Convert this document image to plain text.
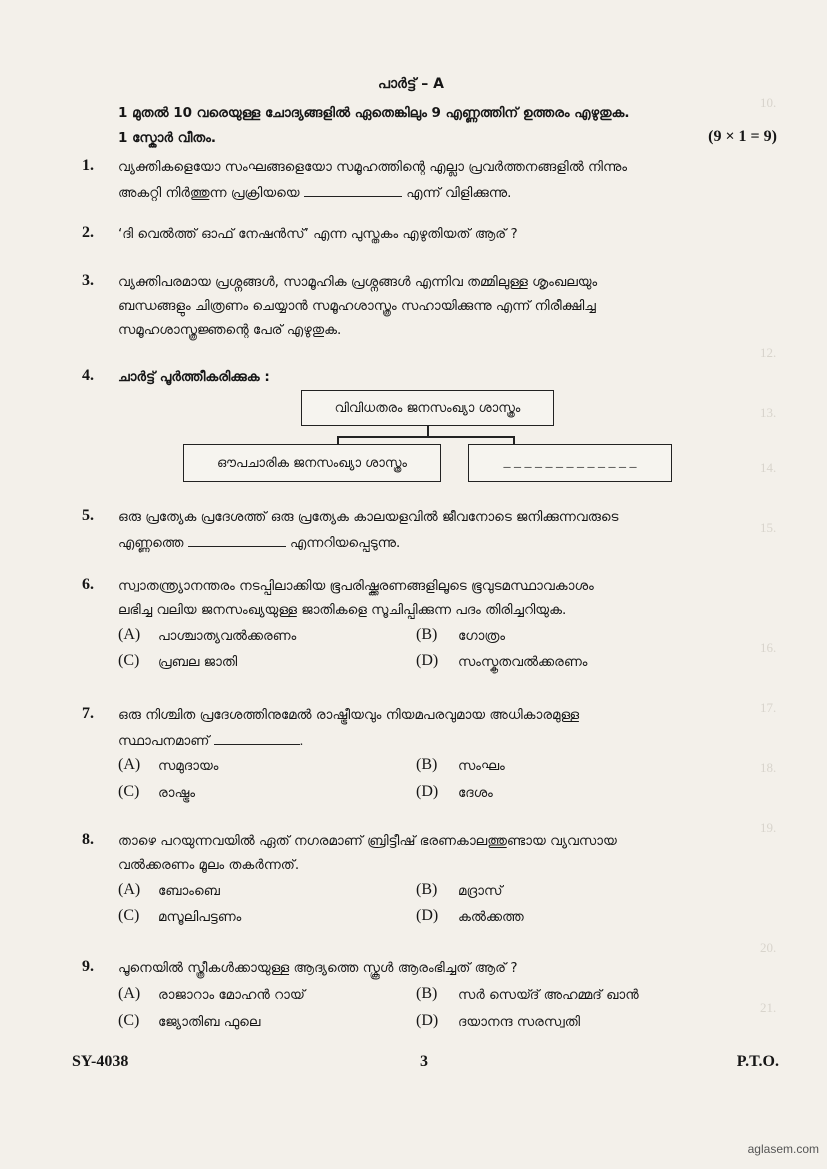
10.
12.
13.
14.
15.
16.
17.
18.
19.
20.
21.
പാർട്ട് – A
1 മുതൽ 10 വരെയുള്ള ചോദ്യങ്ങളിൽ ഏതെങ്കിലും 9 എണ്ണത്തിന് ഉത്തരം എഴുതുക.
1 സ്കോർ വീതം.	(9 × 1 = 9)
1. വ്യക്തികളെയോ സംഘങ്ങളെയോ സമൂഹത്തിന്റെ എല്ലാ പ്രവർത്തനങ്ങളിൽ നിന്നും
അകറ്റി നിർത്തുന്ന പ്രക്രിയയെ	എന്ന് വിളിക്കുന്നു.
2. ‘ദി വെൽത്ത് ഓഫ് നേഷൻസ്’ എന്ന പുസ്തകം എഴുതിയത് ആര് ?
3. വ്യക്തിപരമായ പ്രശ്നങ്ങൾ, സാമൂഹിക പ്രശ്നങ്ങൾ എന്നിവ തമ്മിലുള്ള ശൃംഖലയും
ബന്ധങ്ങളും ചിത്രണം ചെയ്യാൻ സമൂഹശാസ്ത്രം സഹായിക്കുന്നു എന്ന് നിരീക്ഷിച്ച
സമൂഹശാസ്ത്രജ്ഞന്റെ പേര് എഴുതുക.
4. ചാർട്ട് പൂർത്തീകരിക്കുക :
വിവിധതരം ജനസംഖ്യാ ശാസ്ത്രം
ഔപചാരിക ജനസംഖ്യാ ശാസ്ത്രം	_ _ _ _ _ _ _ _ _ _ _ _ _
5. ഒരു പ്രത്യേക പ്രദേശത്ത് ഒരു പ്രത്യേക കാലയളവിൽ ജീവനോടെ ജനിക്കുന്നവരുടെ
എണ്ണത്തെ	എന്നറിയപ്പെടുന്നു.
6. സ്വാതന്ത്ര്യാനന്തരം നടപ്പിലാക്കിയ ഭൂപരിഷ്ക്കരണങ്ങളിലൂടെ ഭൂവുടമസ്ഥാവകാശം
ലഭിച്ച വലിയ ജനസംഖ്യയുള്ള ജാതികളെ സൂചിപ്പിക്കുന്ന പദം തിരിച്ചറിയുക.
(A) പാശ്ചാത്യവൽക്കരണം	(B) ഗോത്രം
(C) പ്രബല ജാതി	(D) സംസ്കൃതവൽക്കരണം
7. ഒരു നിശ്ചിത പ്രദേശത്തിനുമേൽ രാഷ്ട്രീയവും നിയമപരവുമായ അധികാരമുള്ള
സ്ഥാപനമാണ്	.
(A) സമുദായം	(B) സംഘം
(C) രാഷ്ട്രം	(D) ദേശം
8. താഴെ പറയുന്നവയിൽ ഏത് നഗരമാണ് ബ്രിട്ടീഷ് ഭരണകാലത്തുണ്ടായ വ്യവസായ
വൽക്കരണം മൂലം തകർന്നത്.
(A) ബോംബെ	(B) മദ്രാസ്
(C) മസൂലിപട്ടണം	(D) കൽക്കത്ത
9. പൂനെയിൽ സ്ത്രീകൾക്കായുള്ള ആദ്യത്തെ സ്കൂൾ ആരംഭിച്ചത് ആര് ?
(A) രാജാറാം മോഹൻ റായ്	(B) സർ സെയ്ദ് അഹമ്മദ് ഖാൻ
(C) ജ്യോതിബ ഫുലെ	(D) ദയാനന്ദ സരസ്വതി
SY-4038	3	P.T.O.
aglasem.com
